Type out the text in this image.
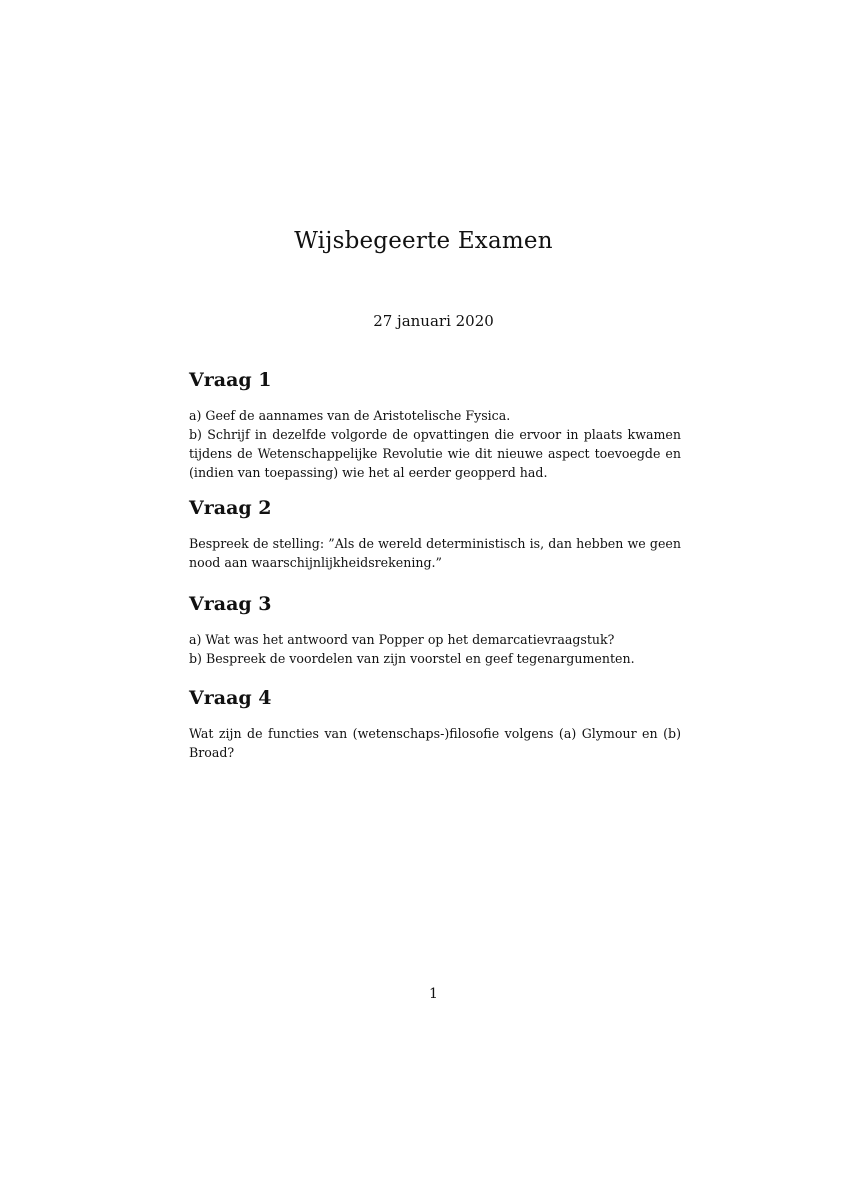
Wijsbegeerte Examen
27 januari 2020
Vraag 1

a) Geef de aannames van de Aristotelische Fysica.

b) Schrijf in dezelfde volgorde de opvattingen die ervoor in plaats kwamen tijdens de Wetenschappelijke Revolutie wie dit nieuwe aspect toevoegde en (indien van toepassing) wie het al eerder geopperd had.

Vraag 2

Bespreek de stelling: ”Als de wereld deterministisch is, dan hebben we geen nood aan waarschijnlijkheidsrekening.”

Vraag 3

a) Wat was het antwoord van Popper op het demarcatievraagstuk?

b) Bespreek de voordelen van zijn voorstel en geef tegenargumenten.

Vraag 4

Wat zijn de functies van (wetenschaps-)filosofie volgens (a) Glymour en (b) Broad?

1
